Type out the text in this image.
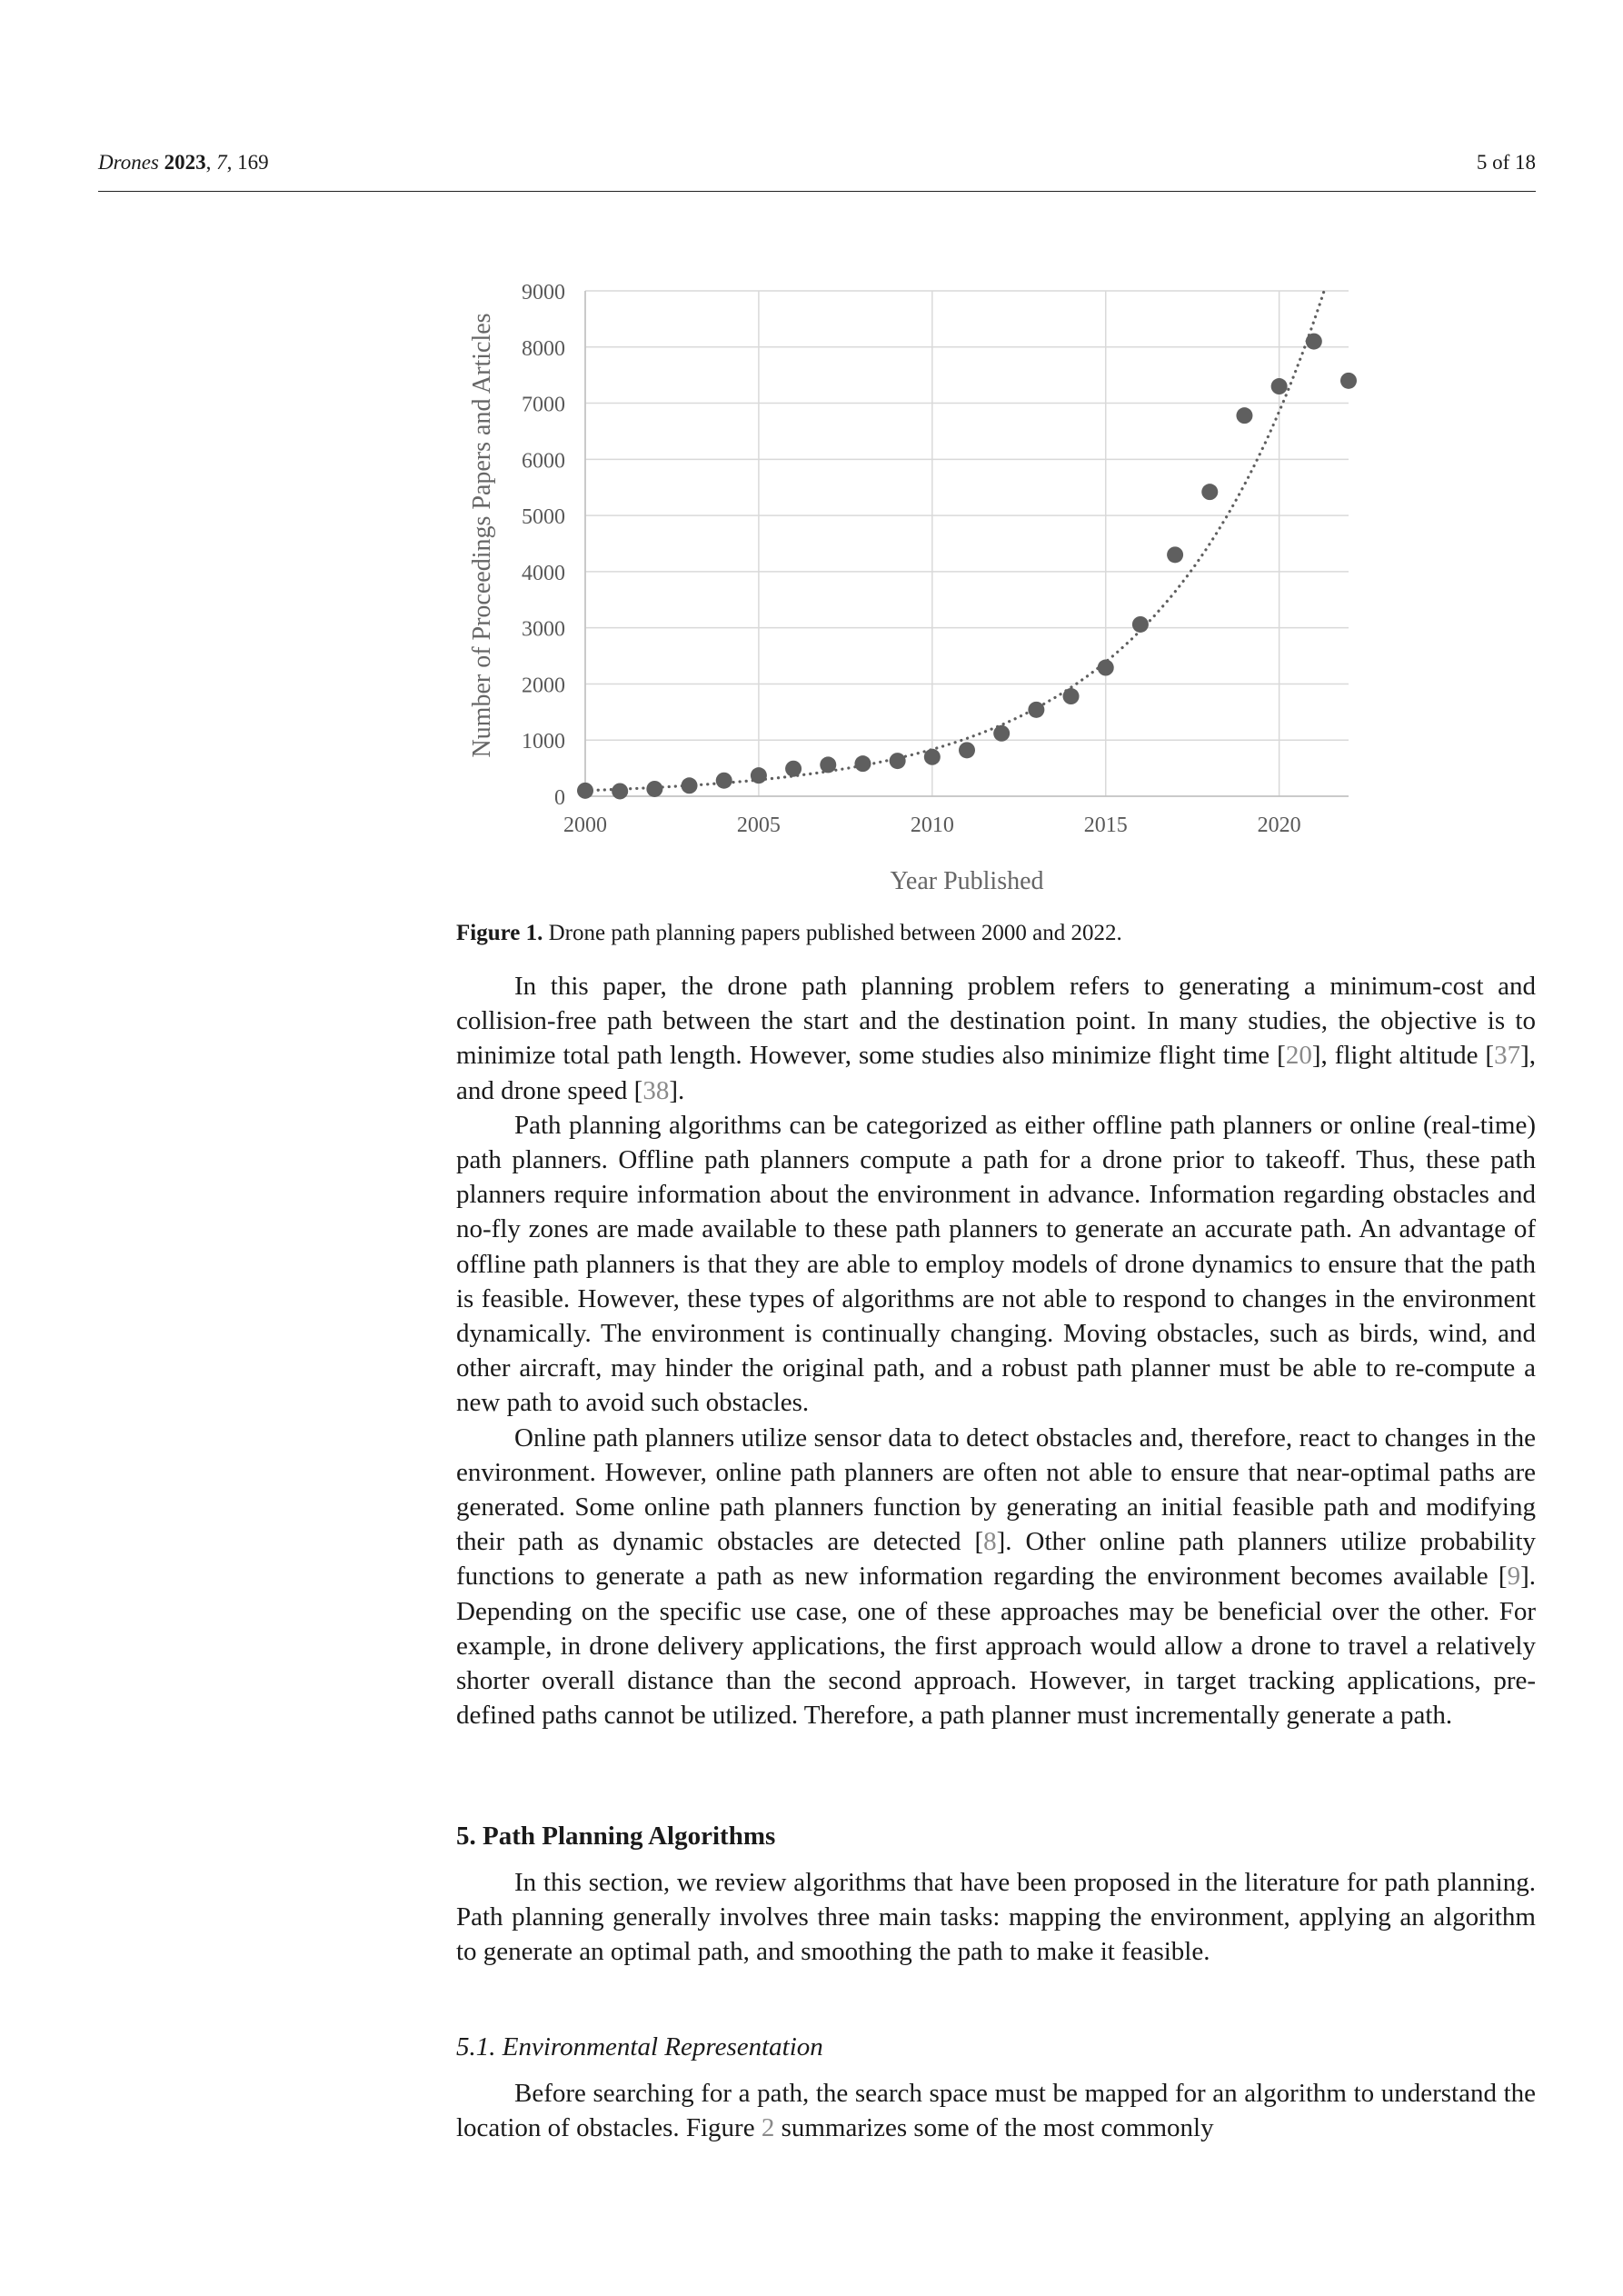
Drones 2023, 7, 169	5 of 18
0
1000
2000
3000
4000
5000
6000
7000
8000
9000
2000	2005	2010	2015	2020
Number of Proceedings Papers and Articles
Year Published
Figure 1. Drone path planning papers published between 2000 and 2022.

In this paper, the drone path planning problem refers to generating a minimum-cost and collision-free path between the start and the destination point. In many studies, the objective is to minimize total path length. However, some studies also minimize flight time [20], flight altitude [37], and drone speed [38].

Path planning algorithms can be categorized as either offline path planners or online (real-time) path planners. Offline path planners compute a path for a drone prior to takeoff. Thus, these path planners require information about the environment in advance. Information regarding obstacles and no-fly zones are made available to these path planners to generate an accurate path. An advantage of offline path planners is that they are able to employ models of drone dynamics to ensure that the path is feasible. However, these types of algorithms are not able to respond to changes in the environment dynamically. The environment is continually changing. Moving obstacles, such as birds, wind, and other aircraft, may hinder the original path, and a robust path planner must be able to re-compute a new path to avoid such obstacles.

Online path planners utilize sensor data to detect obstacles and, therefore, react to changes in the environment. However, online path planners are often not able to ensure that near-optimal paths are generated. Some online path planners function by generating an initial feasible path and modifying their path as dynamic obstacles are detected [8]. Other online path planners utilize probability functions to generate a path as new information regarding the environment becomes available [9]. Depending on the specific use case, one of these approaches may be beneficial over the other. For example, in drone delivery applications, the first approach would allow a drone to travel a relatively shorter overall distance than the second approach. However, in target tracking applications, pre-defined paths cannot be utilized. Therefore, a path planner must incrementally generate a path.

5. Path Planning Algorithms

In this section, we review algorithms that have been proposed in the literature for path planning. Path planning generally involves three main tasks: mapping the environment, applying an algorithm to generate an optimal path, and smoothing the path to make it feasible.

5.1. Environmental Representation

Before searching for a path, the search space must be mapped for an algorithm to understand the location of obstacles. Figure 2 summarizes some of the most commonly
